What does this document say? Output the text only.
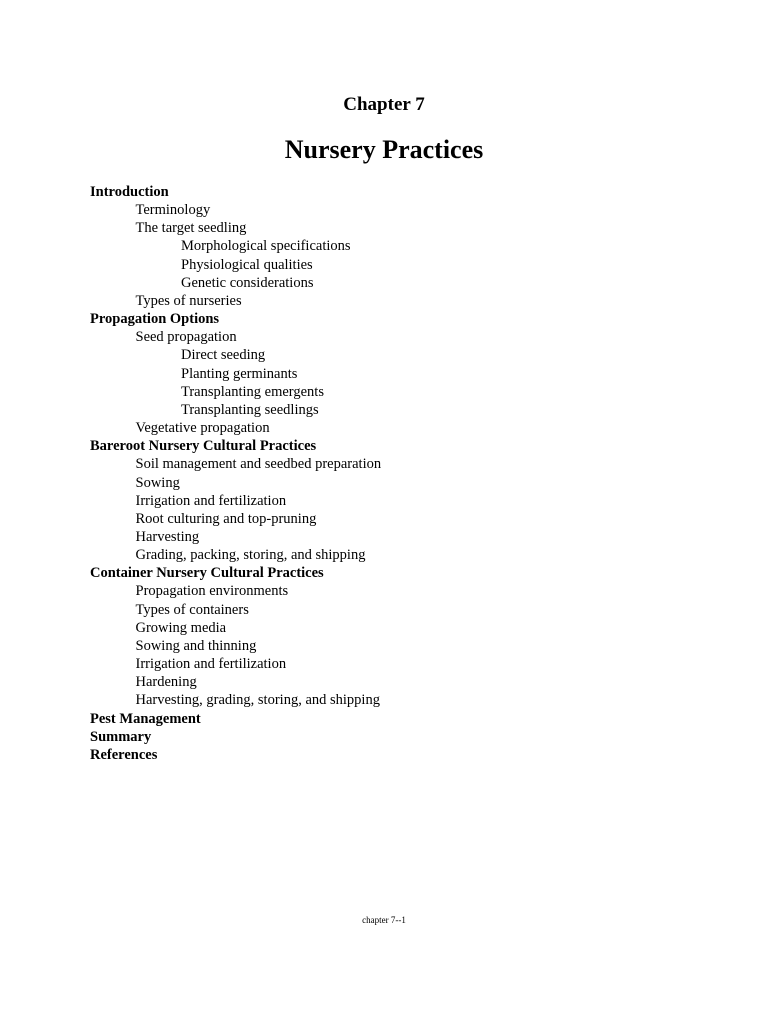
Chapter 7
Nursery Practices
Introduction
Terminology
The target seedling
Morphological specifications
Physiological qualities
Genetic considerations
Types of nurseries
Propagation Options
Seed propagation
Direct seeding
Planting germinants
Transplanting emergents
Transplanting seedlings
Vegetative propagation
Bareroot Nursery Cultural Practices
Soil management and seedbed preparation
Sowing
Irrigation and fertilization
Root culturing and top-pruning
Harvesting
Grading, packing, storing, and shipping
Container Nursery Cultural Practices
Propagation environments
Types of containers
Growing media
Sowing and thinning
Irrigation and fertilization
Hardening
Harvesting, grading, storing, and shipping
Pest Management
Summary
References
chapter 7--1
